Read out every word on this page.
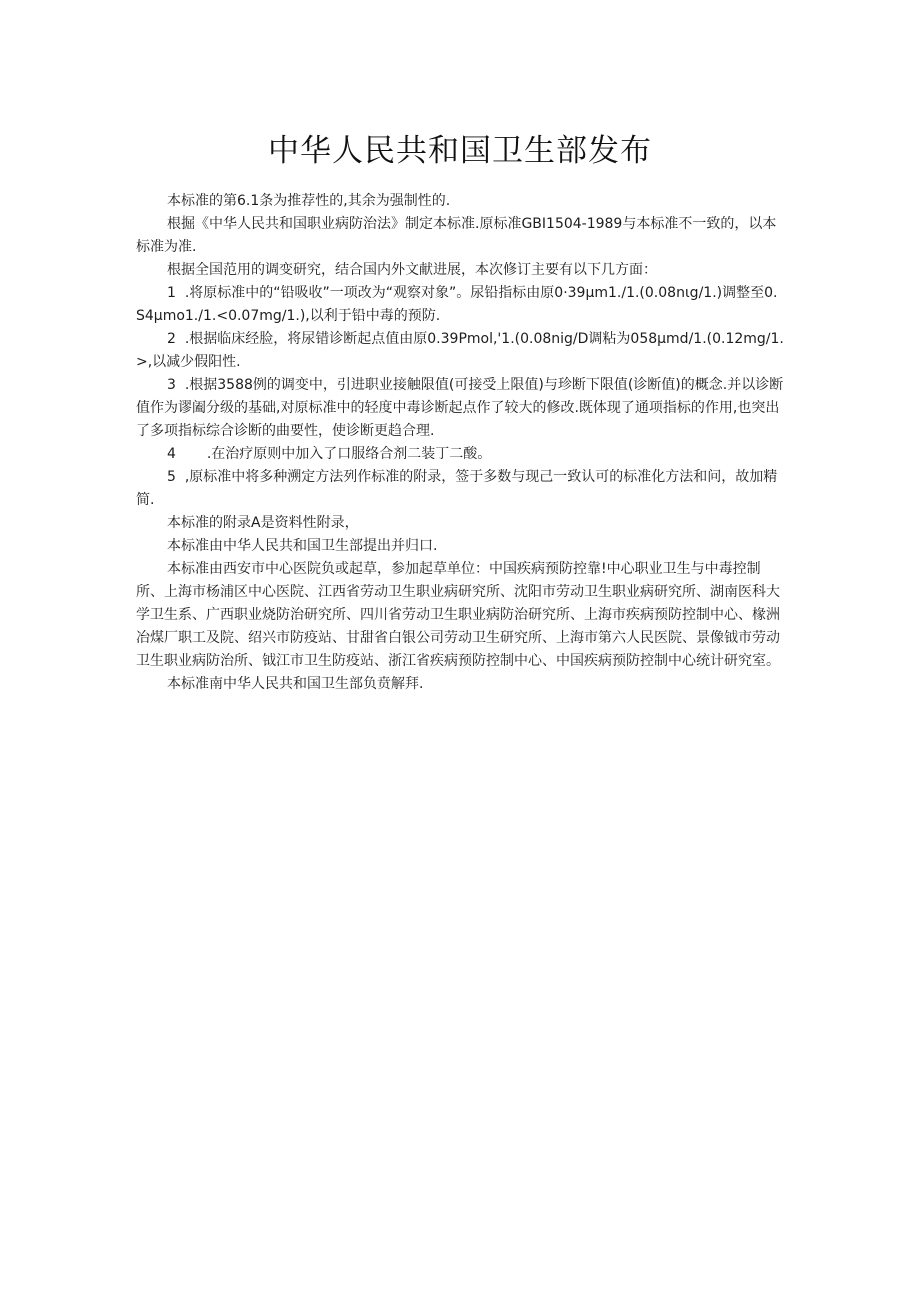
中华人民共和国卫生部发布

本标准的第6.1条为推荐性的,其余为强制性的.

根掘《中华人民共和国职业病防治法》制定本标准.原标准GBI1504-1989与本标准不一致的，以本标准为准.

根据全国范用的调变研究，结合国内外文献进展，本次修订主要有以下几方面：

1 .将原标准中的“铅吸收”一项改为“观察对象”。尿铅指标由原0·39μm1./1.(0.08nιg/1.)调整至0.S4μmo1./1.<0.07mg∕1.),以利于铅中毒的预防.

2 .根据临床经脸，将尿错诊断起点值由原0.39Pmol,'1.(0.08nig/D调粘为058μmd/1.(0.12mg∕1.>,以减少假阳性.

3 .根据3588例的调变中，引进职业接触限值(可接受上限值)与珍断下限值(诊断值)的概念.并以诊断值作为谬阖分级的基础,对原标准中的轻度中毒诊断起点作了较大的修改.既体现了通项指标的作用,也突出了多项指标综合诊断的曲要性，使诊断更趋合理.

4 .在治疗原则中加入了口服络合剂二装丁二酸。

5 ,原标准中将多种溯定方法列作标准的附录，签于多数与现己一致认可的标准化方法和问，故加精简.

本标准的附录A是资料性附录，

本标准由中华人民共和国卫生部提出并归口.

本标准由西安市中心医院负或起草，参加起草单位：中国疾病预防控靠!中心职业卫生与中毒控制所、上海市杨浦区中心医院、江西省劳动卫生职业病研究所、沈阳市劳动卫生职业病研究所、湖南医科大学卫生系、广西职业烧防治研究所、四川省劳动卫生职业病防治研究所、上海市疾病预防控制中心、椽洲冶煤厂职工及院、绍兴市防疫站、甘甜省白银公司劳动卫生研究所、上海市第六人民医院、景像钺市劳动卫生职业病防治所、钺江市卫生防疫站、浙江省疾病预防控制中心、中国疾病预防控制中心统计研究室。

本标准南中华人民共和国卫生部负贲解拜.
